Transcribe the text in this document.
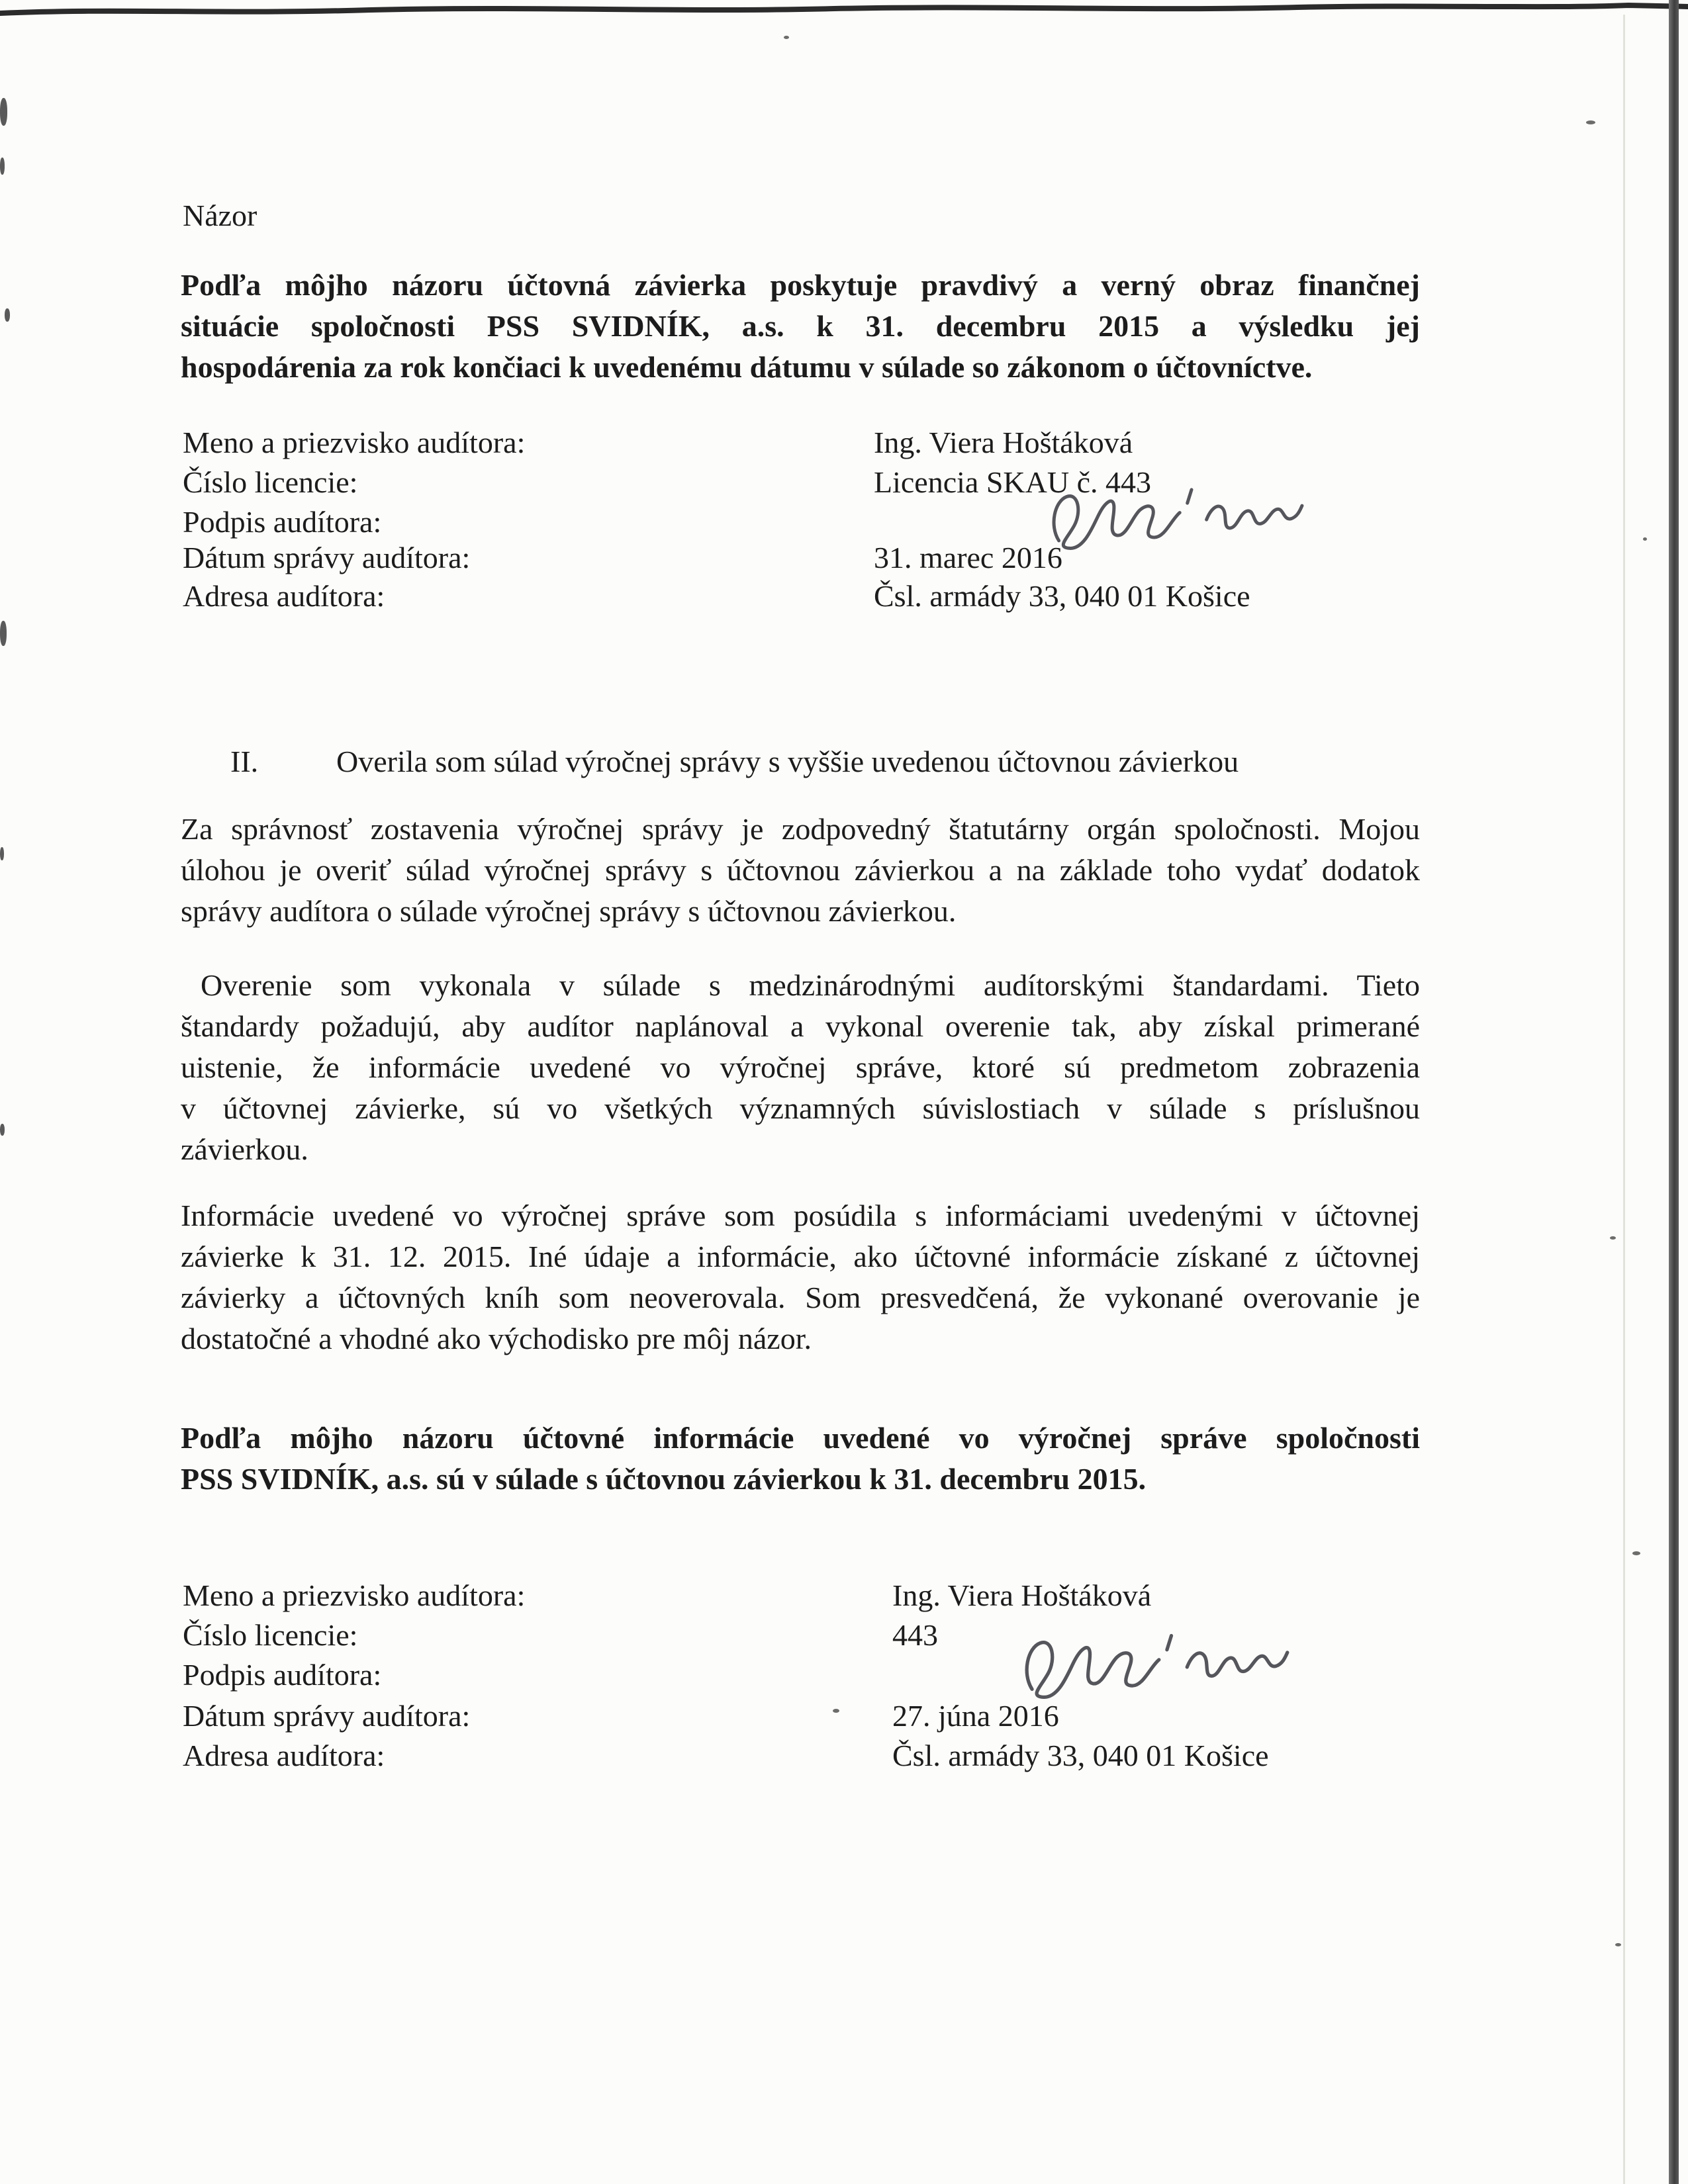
Názor
Podľa môjho názoru účtovná závierka poskytuje pravdivý a verný obraz finančnej
situácie spoločnosti PSS SVIDNÍK, a.s. k 31. decembru 2015 a výsledku jej
hospodárenia za rok končiaci k uvedenému dátumu v súlade so zákonom o účtovníctve.
Meno a priezvisko audítora:	Ing. Viera Hoštáková
Číslo licencie:	Licencia SKAU č. 443
Podpis audítora:
Dátum správy audítora:	31. marec 2016
Adresa audítora:	Čsl. armády 33, 040 01 Košice
II.	Overila som súlad výročnej správy s vyššie uvedenou účtovnou závierkou
Za správnosť zostavenia výročnej správy je zodpovedný štatutárny orgán spoločnosti. Mojou
úlohou je overiť súlad výročnej správy s účtovnou závierkou a na základe toho vydať dodatok
správy audítora o súlade výročnej správy s účtovnou závierkou.
Overenie som vykonala v súlade s medzinárodnými audítorskými štandardami. Tieto
štandardy požadujú, aby audítor naplánoval a vykonal overenie tak, aby získal primerané
uistenie, že informácie uvedené vo výročnej správe, ktoré sú predmetom zobrazenia
v účtovnej závierke, sú vo všetkých významných súvislostiach v súlade s príslušnou
závierkou.
Informácie uvedené vo výročnej správe som posúdila s informáciami uvedenými v účtovnej
závierke k 31. 12. 2015. Iné údaje a informácie, ako účtovné informácie získané z účtovnej
závierky a účtovných kníh som neoverovala. Som presvedčená, že vykonané overovanie je
dostatočné a vhodné ako východisko pre môj názor.
Podľa môjho názoru účtovné informácie uvedené vo výročnej správe spoločnosti
PSS SVIDNÍK, a.s. sú v súlade s účtovnou závierkou k 31. decembru 2015.
Meno a priezvisko audítora:	Ing. Viera Hoštáková
Číslo licencie:	443
Podpis audítora:
Dátum správy audítora:	27. júna 2016
Adresa audítora:	Čsl. armády 33, 040 01 Košice
